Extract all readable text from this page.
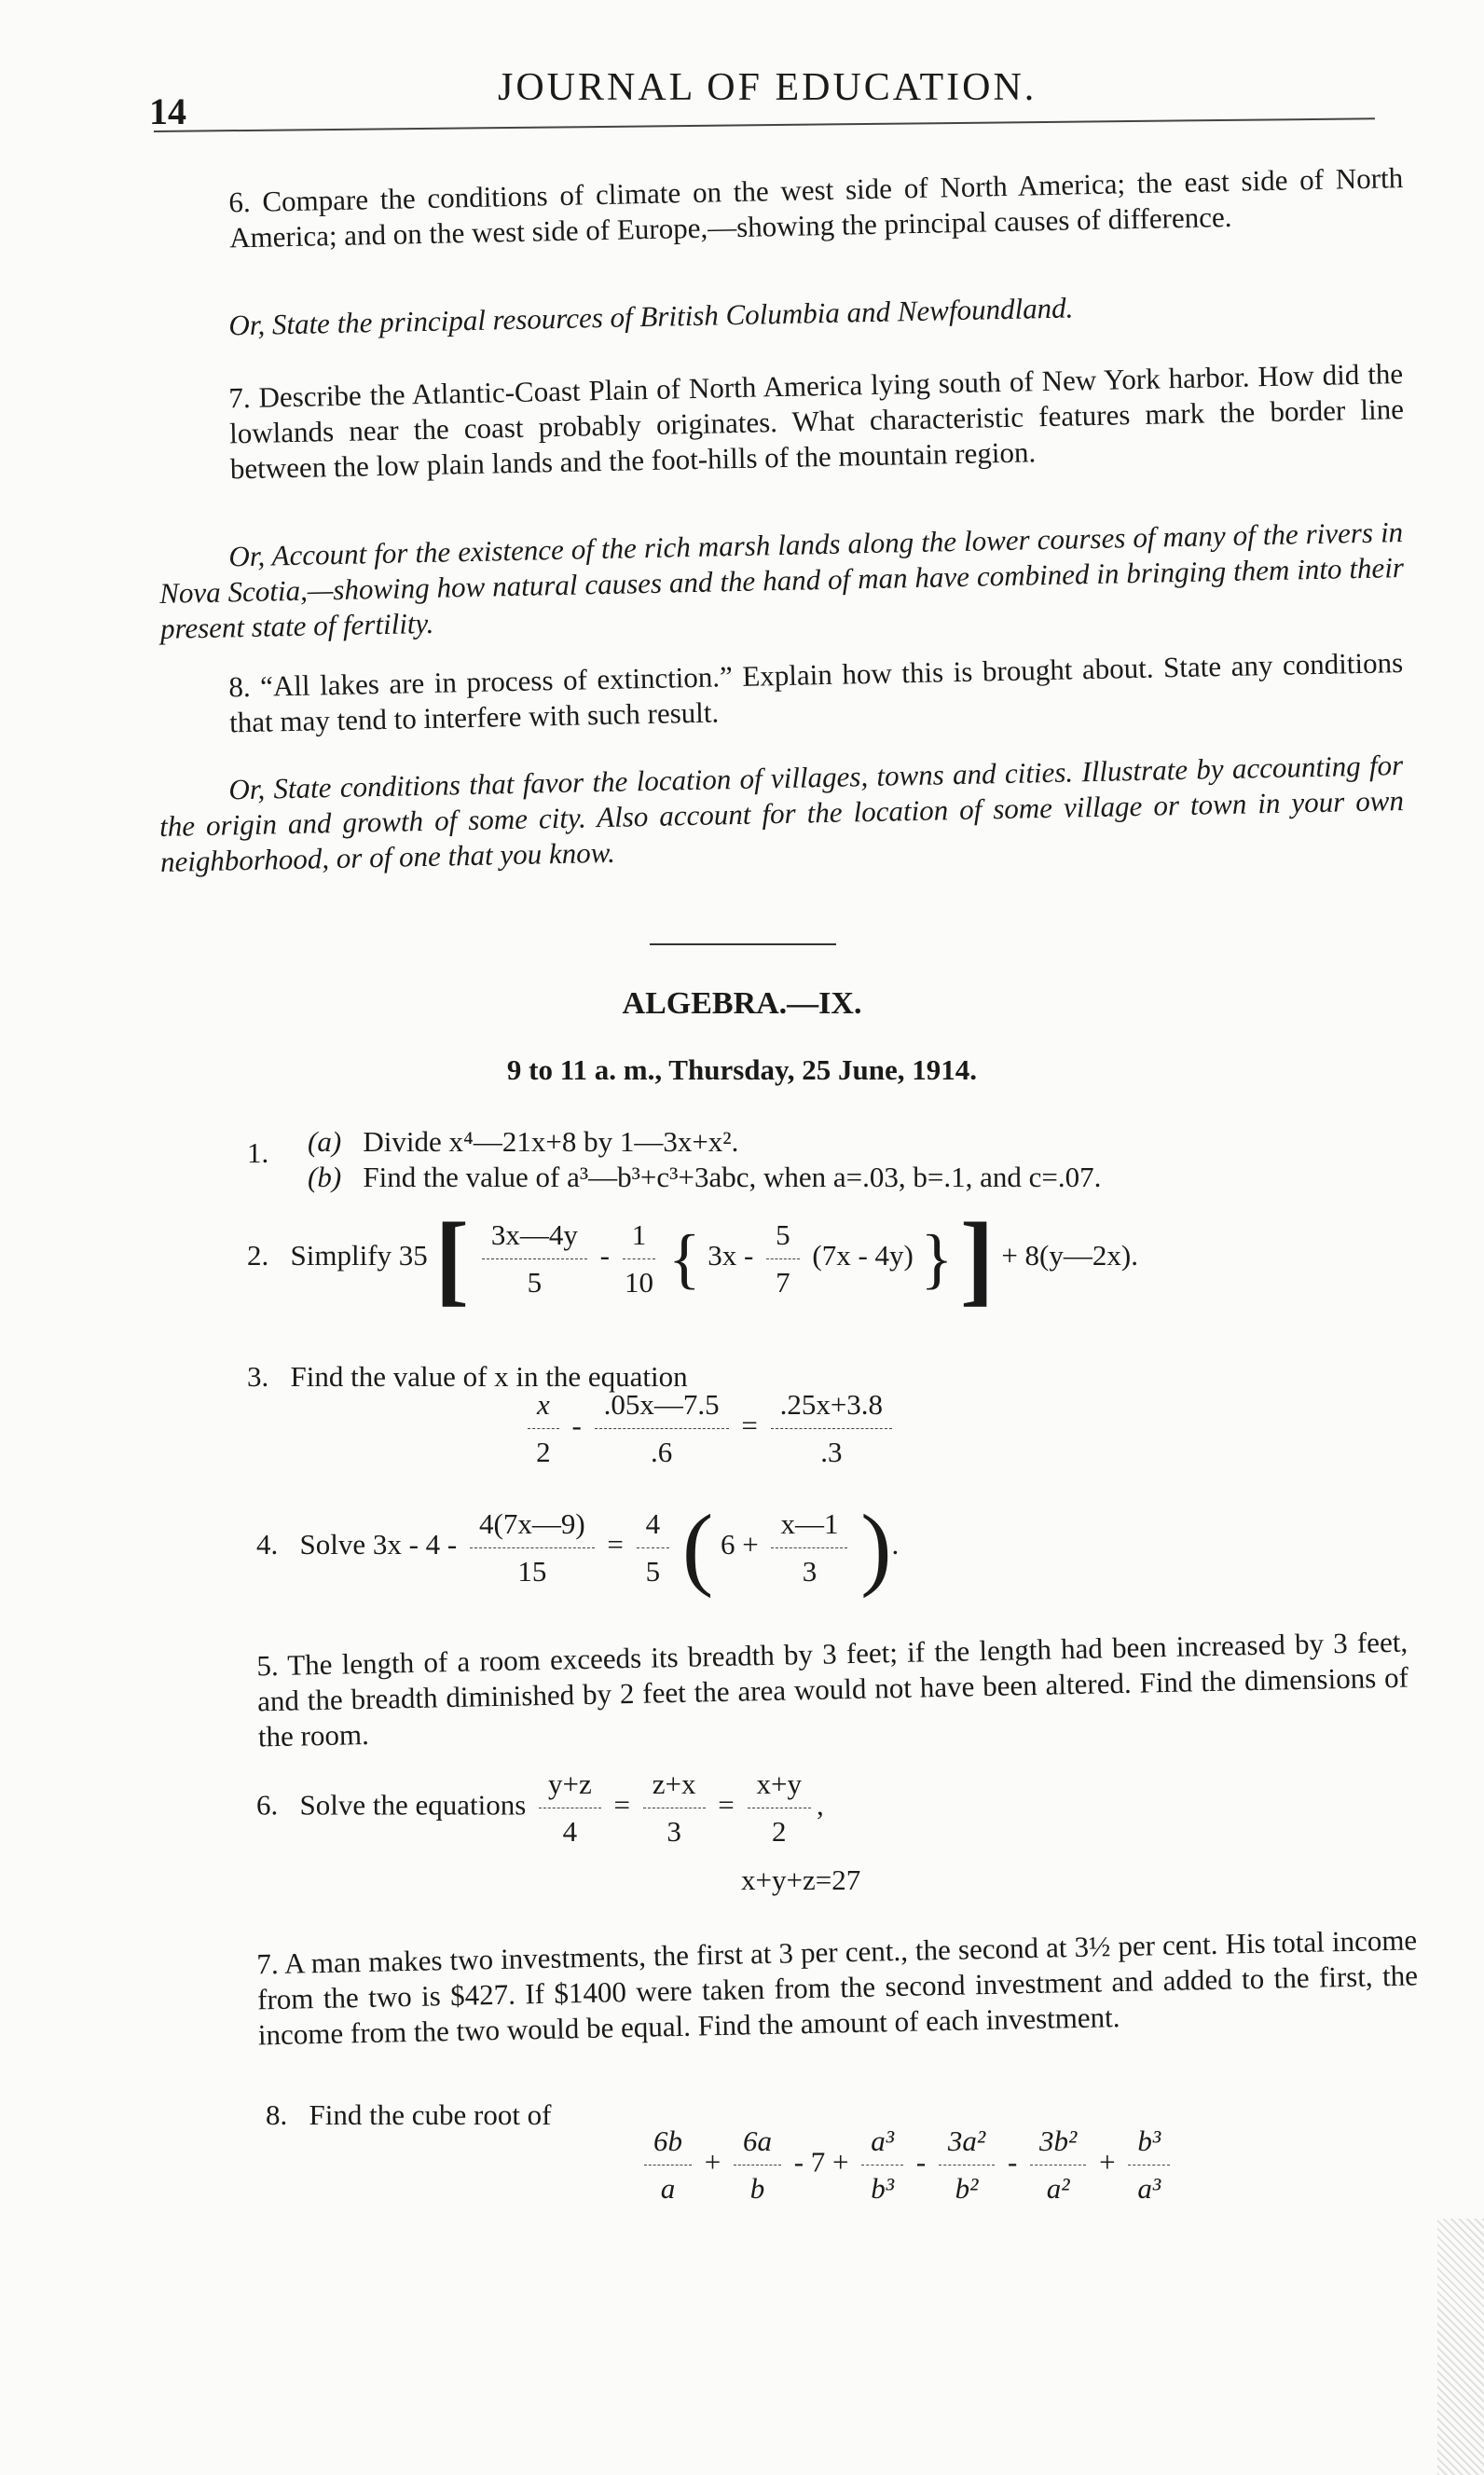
14
JOURNAL OF EDUCATION.
6. Compare the conditions of climate on the west side of North America; the east side of North America; and on the west side of Europe,—showing the principal causes of difference.
Or, State the principal resources of British Columbia and Newfoundland.
7. Describe the Atlantic-Coast Plain of North America lying south of New York harbor. How did the lowlands near the coast probably originates. What characteristic features mark the border line between the low plain lands and the foot-hills of the mountain region.
Or, Account for the existence of the rich marsh lands along the lower courses of many of the rivers in Nova Scotia,—showing how natural causes and the hand of man have combined in bringing them into their present state of fertility.
8. “All lakes are in process of extinction.” Explain how this is brought about. State any conditions that may tend to interfere with such result.
Or, State conditions that favor the location of villages, towns and cities. Illustrate by accounting for the origin and growth of some city. Also account for the location of some village or town in your own neighborhood, or of one that you know.
ALGEBRA.—IX.
9 to 11 a. m., Thursday, 25 June, 1914.
1. (a) Divide x⁴—21x+8 by 1—3x+x².
(b) Find the value of a³—b³+c³+3abc, when a=.03, b=.1, and c=.07.
2. Simplify 35 [ $\frac{3x—4y}{5} - \frac{1}{10}$ { $3x - \frac{5}{7} (7x - 4y)$ } ] + 8(y—2x).
3. Find the value of x in the equation
$\frac{x}{2} - \frac{.05x—7.5}{.6} = \frac{.25x+3.8}{.3}$
4. Solve $3x - 4 - \frac{4(7x—9)}{15} = \frac{4}{5}$ ( $6 + \frac{x—1}{3}$ ).
5. The length of a room exceeds its breadth by 3 feet; if the length had been increased by 3 feet, and the breadth diminished by 2 feet the area would not have been altered. Find the dimensions of the room.
6. Solve the equations $\frac{y+z}{4} = \frac{z+x}{3} = \frac{x+y}{2}$ ,
x+y+z=27
7. A man makes two investments, the first at 3 per cent., the second at 3½ per cent. His total income from the two is $427. If $1400 were taken from the second investment and added to the first, the income from the two would be equal. Find the amount of each investment.
8. Find the cube root of
$\frac{6b}{a} + \frac{6a}{b} - 7 + \frac{\text{a³}}{\text{b³}} - \frac{\text{3a²}}{\text{b²}} - \frac{\text{3b²}}{\text{a²}} + \frac{\text{b³}}{\text{a³}}$
